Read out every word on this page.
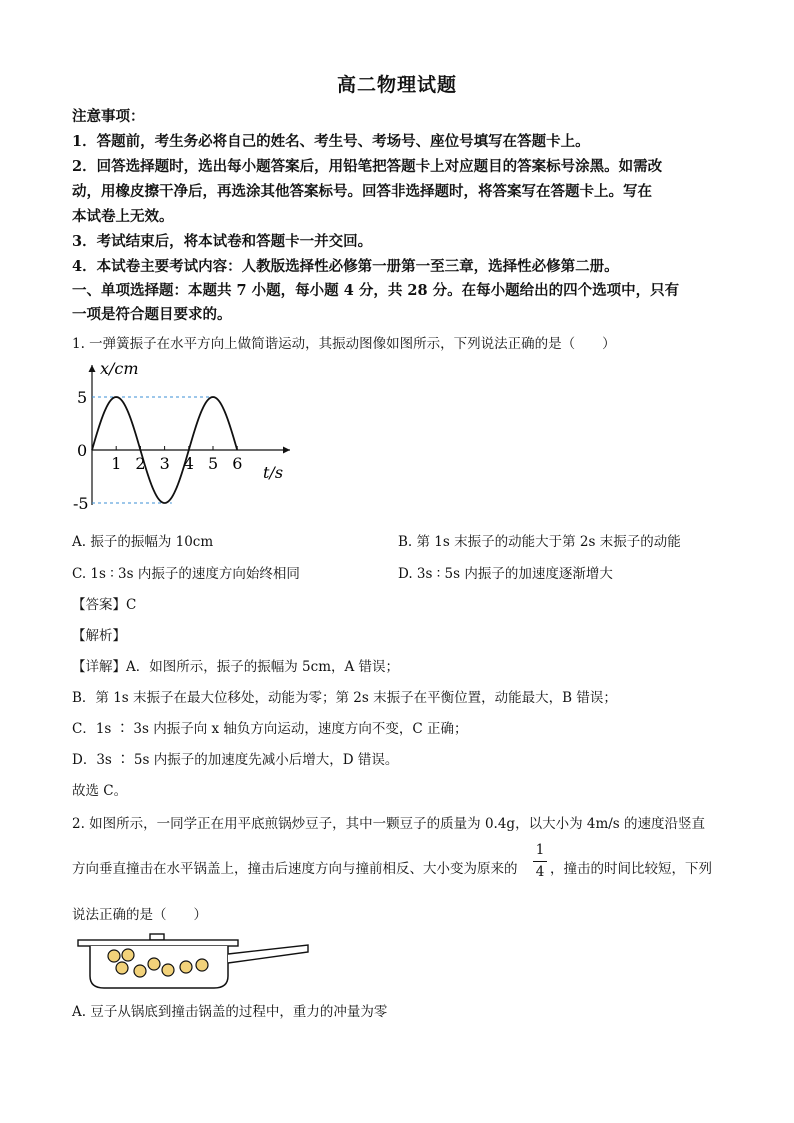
高二物理试题
注意事项：
1．答题前，考生务必将自己的姓名、考生号、考场号、座位号填写在答题卡上。
2．回答选择题时，选出每小题答案后，用铅笔把答题卡上对应题目的答案标号涂黑。如需改
动，用橡皮擦干净后，再选涂其他答案标号。回答非选择题时，将答案写在答题卡上。写在
本试卷上无效。
3．考试结束后，将本试卷和答题卡一并交回。
4．本试卷主要考试内容：人教版选择性必修第一册第一至三章，选择性必修第二册。
一、单项选择题：本题共 7 小题，每小题 4 分，共 28 分。在每小题给出的四个选项中，只有
一项是符合题目要求的。
1. 一弹簧振子在水平方向上做简谐运动，其振动图像如图所示，下列说法正确的是（　　）
x/cm
t/s
1 2 3 4 5 6
5
0
-5
A. 振子的振幅为 10cm	B. 第 1s 末振子的动能大于第 2s 末振子的动能
C. 1s ∶ 3s 内振子的速度方向始终相同	D. 3s ∶ 5s 内振子的加速度逐渐增大
【答案】C
【解析】
【详解】A．如图所示，振子的振幅为 5cm，A 错误；
B．第 1s 末振子在最大位移处，动能为零；第 2s 末振子在平衡位置，动能最大，B 错误；
C．1s ∶ 3s 内振子向 x 轴负方向运动，速度方向不变，C 正确；
D．3s ∶ 5s 内振子的加速度先减小后增大，D 错误。
故选 C。
2. 如图所示，一同学正在用平底煎锅炒豆子，其中一颗豆子的质量为 0.4g，以大小为 4m/s 的速度沿竖直
方向垂直撞击在水平锅盖上，撞击后速度方向与撞前相反、大小变为原来的
1
4 ，撞击的时间比较短，下列
说法正确的是（　　）
A. 豆子从锅底到撞击锅盖的过程中，重力的冲量为零
